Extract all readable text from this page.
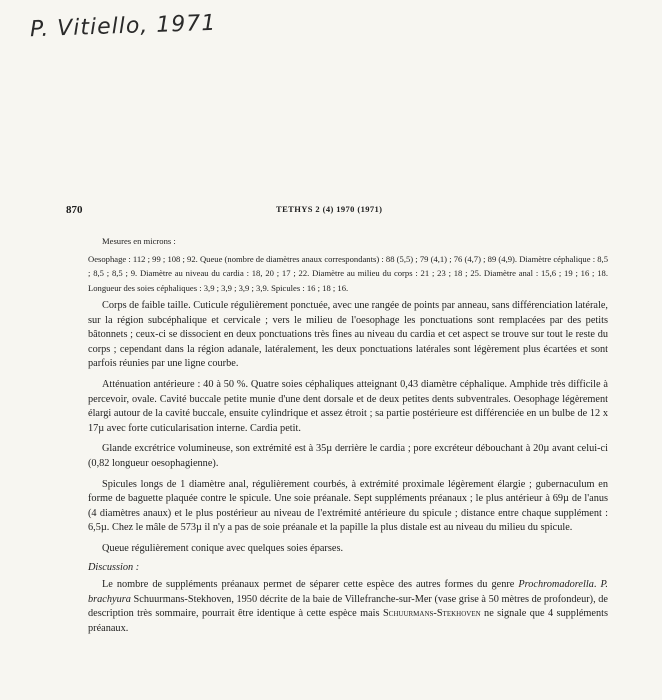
P. Vitiello, 1971
870	TETHYS 2 (4) 1970 (1971)

Mesures en microns :

Oesophage : 112 ; 99 ; 108 ; 92. Queue (nombre de diamètres anaux correspondants) : 88 (5,5) ; 79 (4,1) ; 76 (4,7) ; 89 (4,9). Diamètre céphalique : 8,5 ; 8,5 ; 8,5 ; 9. Diamètre au niveau du cardia : 18, 20 ; 17 ; 22. Diamètre au milieu du corps : 21 ; 23 ; 18 ; 25. Diamètre anal : 15,6 ; 19 ; 16 ; 18. Longueur des soies céphaliques : 3,9 ; 3,9 ; 3,9 ; 3,9. Spicules : 16 ; 18 ; 16.

Corps de faible taille. Cuticule régulièrement ponctuée, avec une rangée de points par anneau, sans différenciation latérale, sur la région subcéphalique et cervicale ; vers le milieu de l'oesophage les ponctuations sont remplacées par des petits bâtonnets ; ceux-ci se dissocient en deux ponctuations très fines au niveau du cardia et cet aspect se trouve sur tout le reste du corps ; cependant dans la région adanale, latéralement, les deux ponctuations latérales sont légèrement plus écartées et sont parfois réunies par une ligne courbe.

Atténuation antérieure : 40 à 50 %. Quatre soies céphaliques atteignant 0,43 diamètre céphalique. Amphide très difficile à percevoir, ovale. Cavité buccale petite munie d'une dent dorsale et de deux petites dents subventrales. Oesophage légèrement élargi autour de la cavité buccale, ensuite cylindrique et assez étroit ; sa partie postérieure est différenciée en un bulbe de 12 x 17µ avec forte cuticularisation interne. Cardia petit.

Glande excrétrice volumineuse, son extrémité est à 35µ derrière le cardia ; pore excréteur débouchant à 20µ avant celui-ci (0,82 longueur oesophagienne).

Spicules longs de 1 diamètre anal, régulièrement courbés, à extrémité proximale légèrement élargie ; gubernaculum en forme de baguette plaquée contre le spicule. Une soie préanale. Sept suppléments préanaux ; le plus antérieur à 69µ de l'anus (4 diamètres anaux) et le plus postérieur au niveau de l'extrémité antérieure du spicule ; distance entre chaque supplément : 6,5µ. Chez le mâle de 573µ il n'y a pas de soie préanale et la papille la plus distale est au niveau du milieu du spicule.

Queue régulièrement conique avec quelques soies éparses.

Discussion :

Le nombre de suppléments préanaux permet de séparer cette espèce des autres formes du genre Prochromadorella. P. brachyura Schuurmans-Stekhoven, 1950 décrite de la baie de Villefranche-sur-Mer (vase grise à 50 mètres de profondeur), de description très sommaire, pourrait être identique à cette espèce mais Schuurmans-Stekhoven ne signale que 4 suppléments préanaux.
